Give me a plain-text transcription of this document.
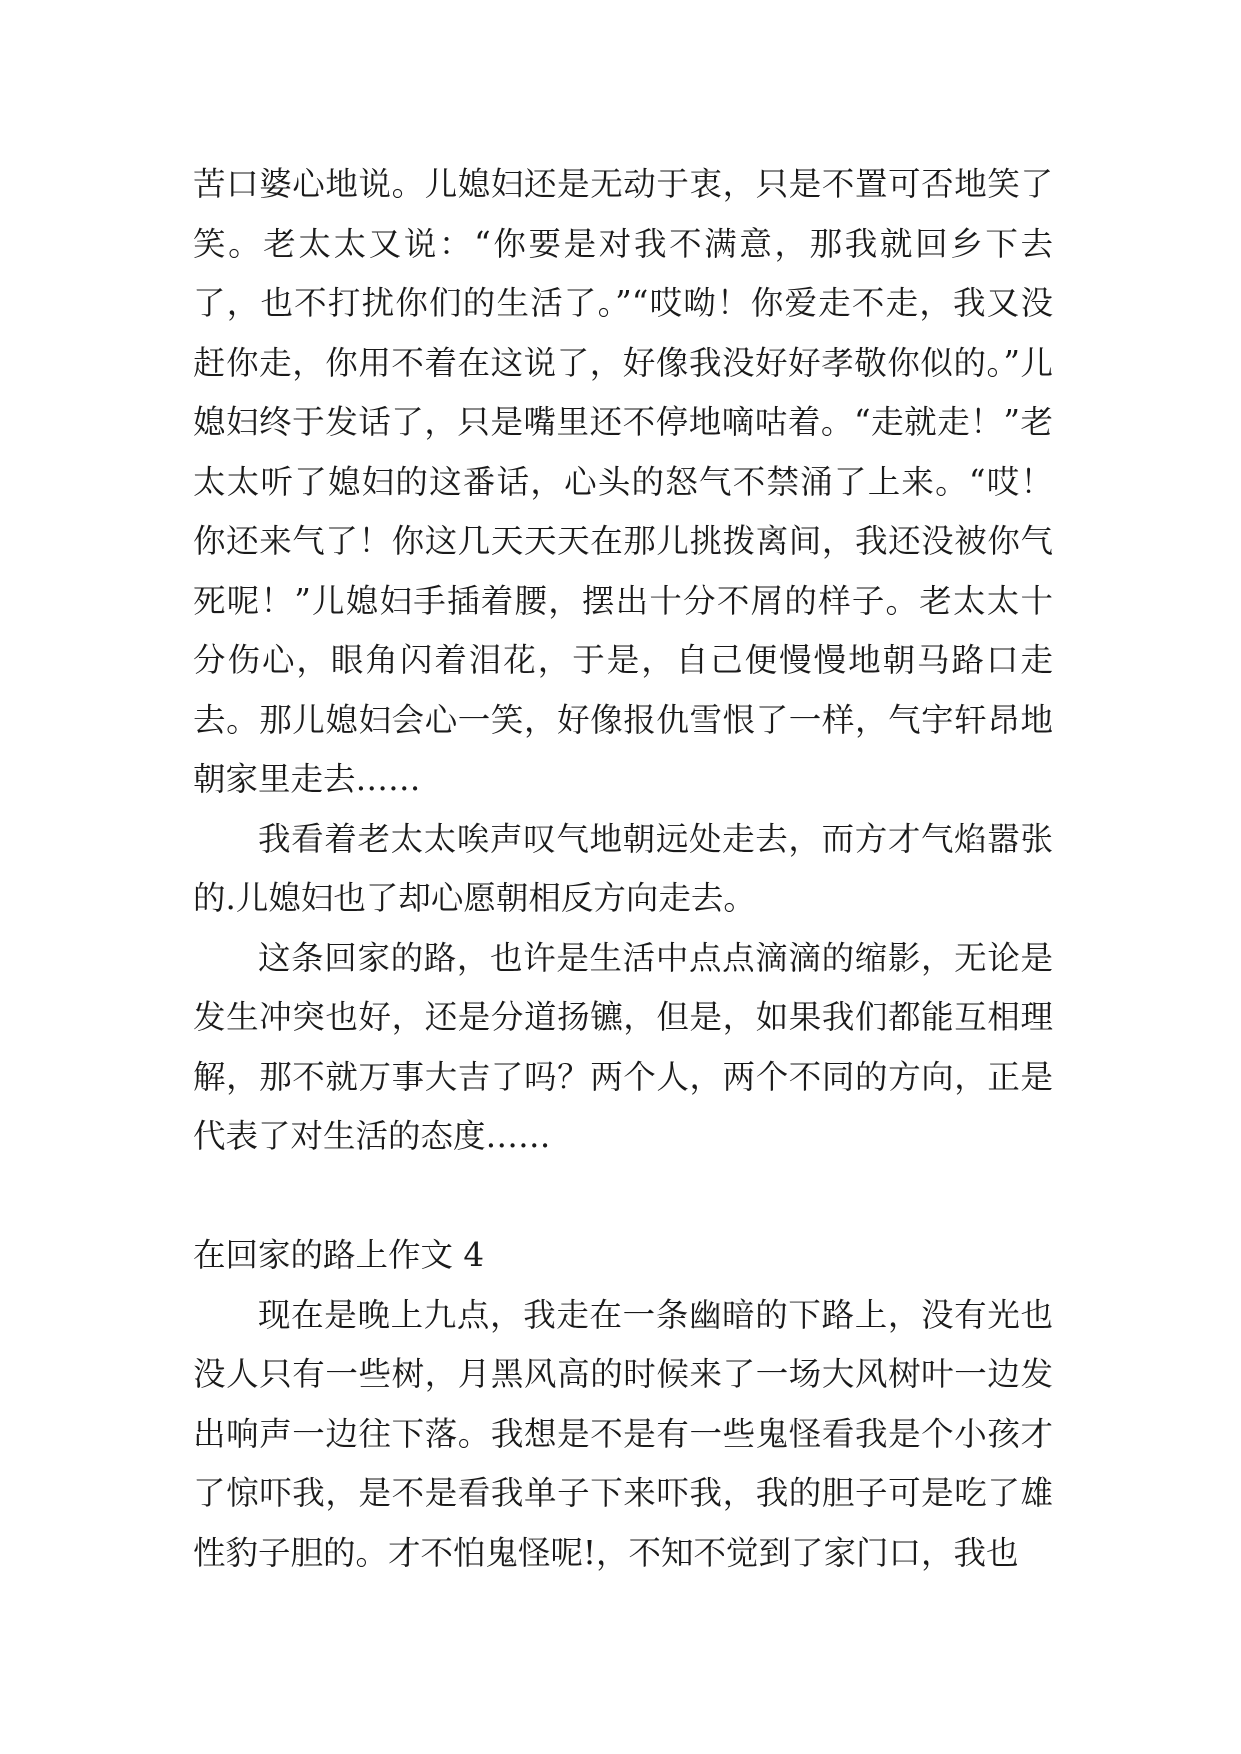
苦口婆心地说。儿媳妇还是无动于衷，只是不置可否地笑了笑。老太太又说：“你要是对我不满意，那我就回乡下去了，也不打扰你们的生活了。”“哎呦！你爱走不走，我又没赶你走，你用不着在这说了，好像我没好好孝敬你似的。”儿媳妇终于发话了，只是嘴里还不停地嘀咕着。“走就走！”老太太听了媳妇的这番话，心头的怒气不禁涌了上来。“哎！你还来气了！你这几天天天在那儿挑拨离间，我还没被你气死呢！”儿媳妇手插着腰，摆出十分不屑的样子。老太太十分伤心，眼角闪着泪花，于是，自己便慢慢地朝马路口走去。那儿媳妇会心一笑，好像报仇雪恨了一样，气宇轩昂地朝家里走去……

我看着老太太唉声叹气地朝远处走去，而方才气焰嚣张的.儿媳妇也了却心愿朝相反方向走去。

这条回家的路，也许是生活中点点滴滴的缩影，无论是发生冲突也好，还是分道扬镳，但是，如果我们都能互相理解，那不就万事大吉了吗？两个人，两个不同的方向，正是代表了对生活的态度……

在回家的路上作文 4

现在是晚上九点，我走在一条幽暗的下路上，没有光也没人只有一些树，月黑风高的时候来了一场大风树叶一边发出响声一边往下落。我想是不是有一些鬼怪看我是个小孩才了惊吓我，是不是看我单子下来吓我，我的胆子可是吃了雄性豹子胆的。才不怕鬼怪呢!，不知不觉到了家门口，我也
